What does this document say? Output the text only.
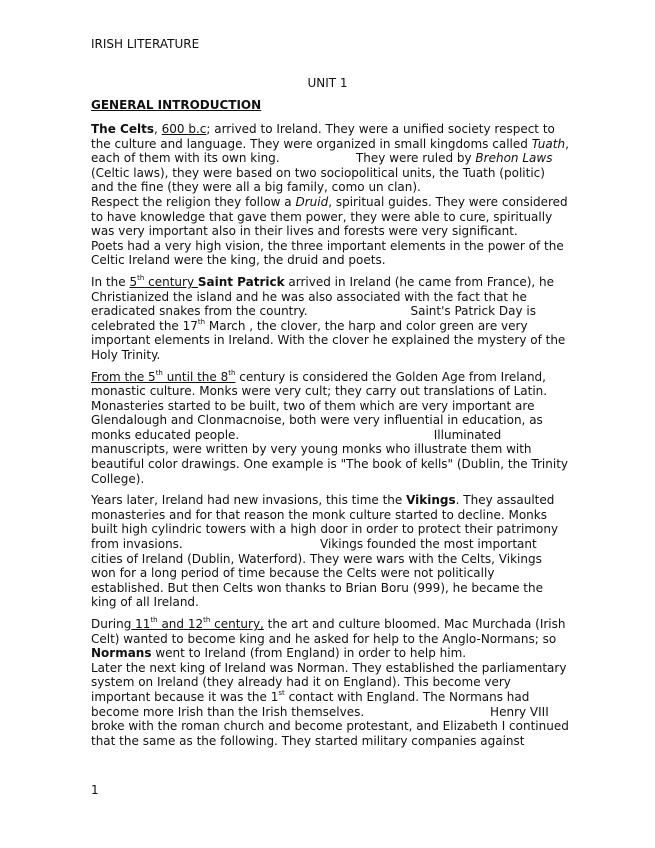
IRISH LITERATURE
UNIT 1
GENERAL INTRODUCTION

The Celts, 600 b.c; arrived to Ireland. They were a unified society respect to the culture and language. They were organized in small kingdoms called Tuath, each of them with its own king.                    They were ruled by Brehon Laws (Celtic laws), they were based on two sociopolitical units, the Tuath (politic) and the fine (they were all a big family, como un clan).
Respect the religion they follow a Druid, spiritual guides. They were considered to have knowledge that gave them power, they were able to cure, spiritually was very important also in their lives and forests were very significant.
Poets had a very high vision, the three important elements in the power of the Celtic Ireland were the king, the druid and poets.

In the 5th century Saint Patrick arrived in Ireland (he came from France), he Christianized the island and he was also associated with the fact that he eradicated snakes from the country.                           Saint's Patrick Day is celebrated the 17th March , the clover, the harp and color green are very important elements in Ireland. With the clover he explained the mystery of the Holy Trinity.

From the 5th until the 8th century is considered the Golden Age from Ireland, monastic culture. Monks were very cult; they carry out translations of Latin. Monasteries started to be built, two of them which are very important are Glendalough and Clonmacnoise, both were very influential in education, as monks educated people.                                                   Illuminated manuscripts, were written by very young monks who illustrate them with beautiful color drawings. One example is "The book of kells" (Dublin, the Trinity College).

Years later, Ireland had new invasions, this time the Vikings. They assaulted monasteries and for that reason the monk culture started to decline. Monks built high cylindric towers with a high door in order to protect their patrimony from invasions.                                    Vikings founded the most important cities of Ireland (Dublin, Waterford). They were wars with the Celts, Vikings won for a long period of time because the Celts were not politically established. But then Celts won thanks to Brian Boru (999), he became the king of all Ireland.

During 11th and 12th century, the art and culture bloomed. Mac Murchada (Irish Celt) wanted to become king and he asked for help to the Anglo-Normans; so Normans went to Ireland (from England) in order to help him.
Later the next king of Ireland was Norman. They established the parliamentary system on Ireland (they already had it on England). This become very important because it was the 1st contact with England. The Normans had become more Irish than the Irish themselves.                                 Henry VIII broke with the roman church and become protestant, and Elizabeth I continued that the same as the following. They started military companies against

1
